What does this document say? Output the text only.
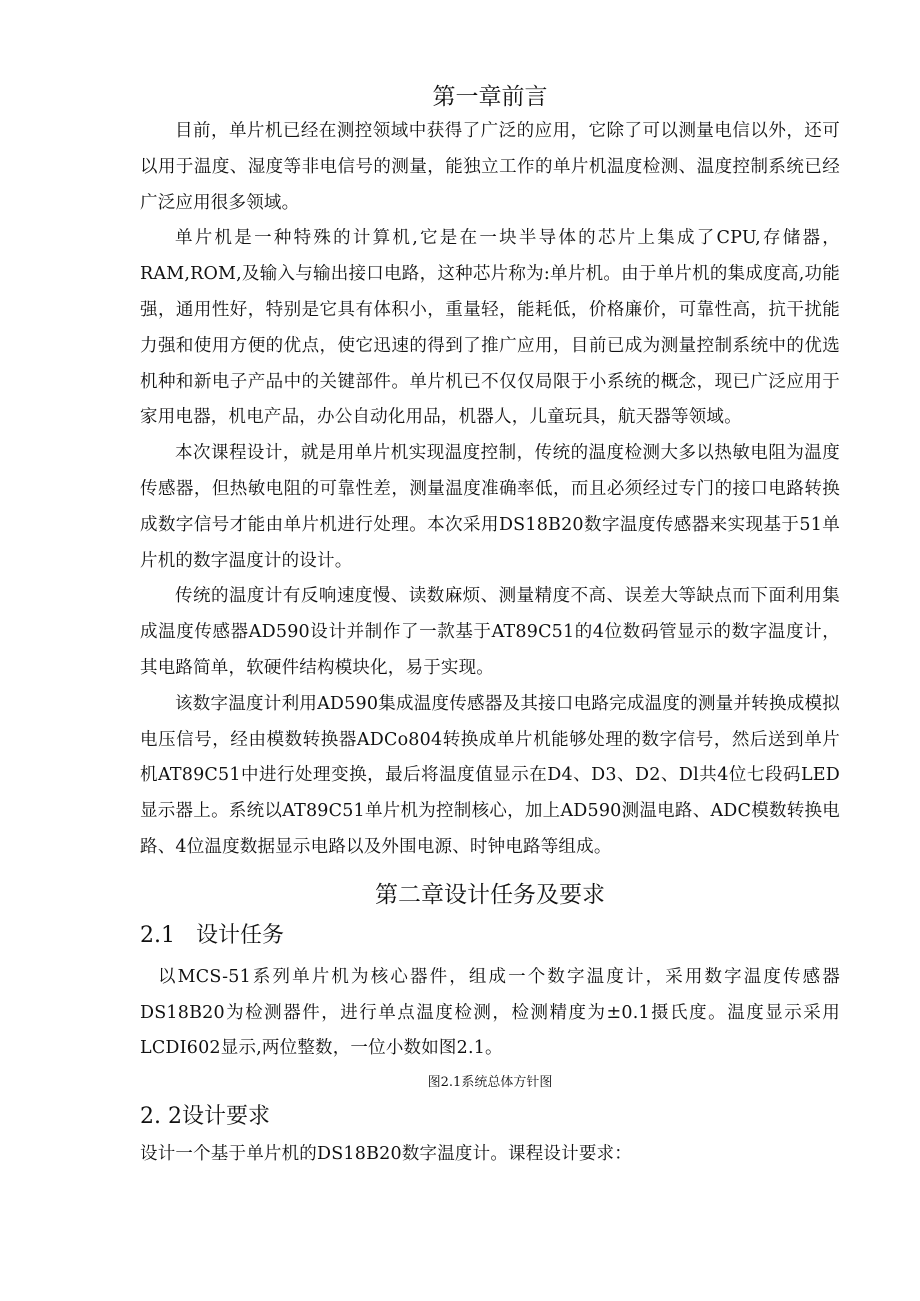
第一章前言

目前，单片机已经在测控领域中获得了广泛的应用，它除了可以测量电信以外，还可以用于温度、湿度等非电信号的测量，能独立工作的单片机温度检测、温度控制系统已经广泛应用很多领域。

单片机是一种特殊的计算机,它是在一块半导体的芯片上集成了CPU,存储器，RAM,ROM,及输入与输出接口电路，这种芯片称为:单片机。由于单片机的集成度高,功能强，通用性好，特别是它具有体积小，重量轻，能耗低，价格廉价，可靠性高，抗干扰能力强和使用方便的优点，使它迅速的得到了推广应用，目前已成为测量控制系统中的优选机种和新电子产品中的关键部件。单片机已不仅仅局限于小系统的概念，现已广泛应用于家用电器，机电产品，办公自动化用品，机器人，儿童玩具，航天器等领域。

本次课程设计，就是用单片机实现温度控制，传统的温度检测大多以热敏电阻为温度传感器，但热敏电阻的可靠性差，测量温度准确率低，而且必须经过专门的接口电路转换成数字信号才能由单片机进行处理。本次采用DS18B20数字温度传感器来实现基于51单片机的数字温度计的设计。

传统的温度计有反响速度慢、读数麻烦、测量精度不高、误差大等缺点而下面利用集成温度传感器AD590设计并制作了一款基于AT89C51的4位数码管显示的数字温度计，其电路简单，软硬件结构模块化，易于实现。

该数字温度计利用AD590集成温度传感器及其接口电路完成温度的测量并转换成模拟电压信号，经由模数转换器ADCo804转换成单片机能够处理的数字信号，然后送到单片机AT89C51中进行处理变换，最后将温度值显示在D4、D3、D2、Dl共4位七段码LED显示器上。系统以AT89C51单片机为控制核心，加上AD590测温电路、ADC模数转换电路、4位温度数据显示电路以及外围电源、时钟电路等组成。

第二章设计任务及要求
2.1 设计任务

以MCS-51系列单片机为核心器件，组成一个数字温度计，采用数字温度传感器DS18B20为检测器件，进行单点温度检测，检测精度为±0.1摄氏度。温度显示采用LCDI602显示,两位整数，一位小数如图2.1。

图2.1系统总体方针图

2. 2设计要求

设计一个基于单片机的DS18B20数字温度计。课程设计要求：
